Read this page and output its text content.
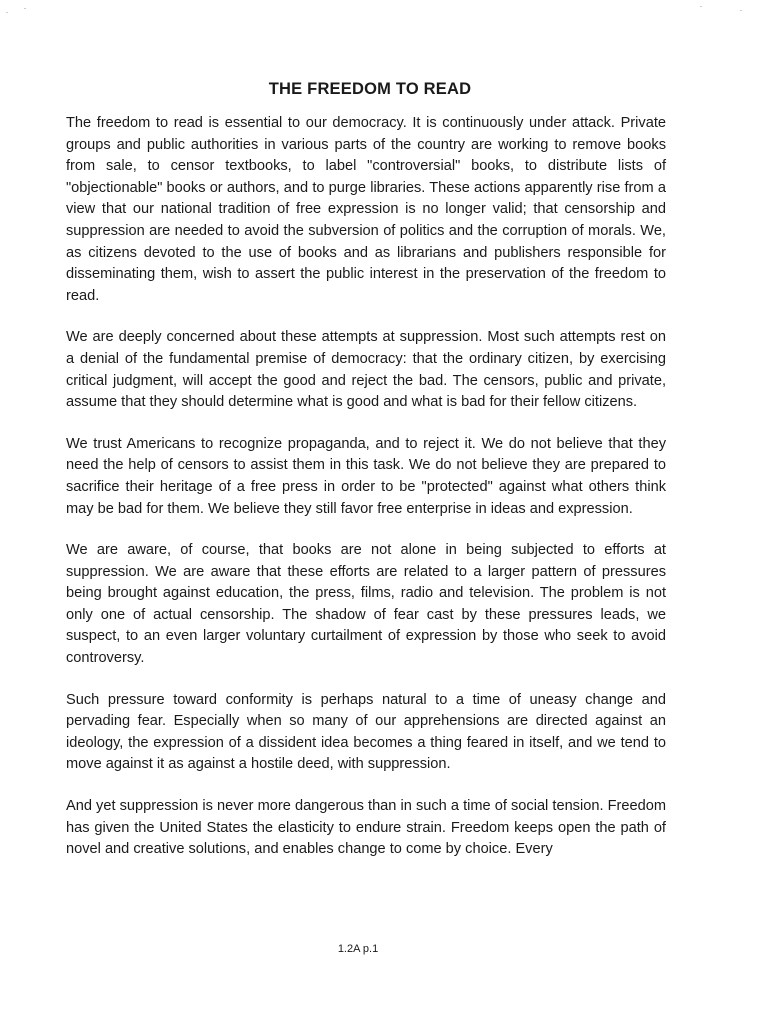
THE FREEDOM TO READ

The freedom to read is essential to our democracy. It is continuously under attack. Private groups and public authorities in various parts of the country are working to remove books from sale, to censor textbooks, to label "controversial" books, to distribute lists of "objectionable" books or authors, and to purge libraries. These actions apparently rise from a view that our national tradition of free expression is no longer valid; that censorship and suppression are needed to avoid the subversion of politics and the corruption of morals. We, as citizens devoted to the use of books and as librarians and publishers responsible for disseminating them, wish to assert the public interest in the preservation of the freedom to read.

We are deeply concerned about these attempts at suppression. Most such attempts rest on a denial of the fundamental premise of democracy: that the ordinary citizen, by exercising critical judgment, will accept the good and reject the bad. The censors, public and private, assume that they should determine what is good and what is bad for their fellow citizens.

We trust Americans to recognize propaganda, and to reject it. We do not believe that they need the help of censors to assist them in this task. We do not believe they are prepared to sacrifice their heritage of a free press in order to be "protected" against what others think may be bad for them. We believe they still favor free enterprise in ideas and expression.

We are aware, of course, that books are not alone in being subjected to efforts at suppression. We are aware that these efforts are related to a larger pattern of pressures being brought against education, the press, films, radio and television. The problem is not only one of actual censorship. The shadow of fear cast by these pressures leads, we suspect, to an even larger voluntary curtailment of expression by those who seek to avoid controversy.

Such pressure toward conformity is perhaps natural to a time of uneasy change and pervading fear. Especially when so many of our apprehensions are directed against an ideology, the expression of a dissident idea becomes a thing feared in itself, and we tend to move against it as against a hostile deed, with suppression.

And yet suppression is never more dangerous than in such a time of social tension. Freedom has given the United States the elasticity to endure strain. Freedom keeps open the path of novel and creative solutions, and enables change to come by choice. Every

1.2A p.1
